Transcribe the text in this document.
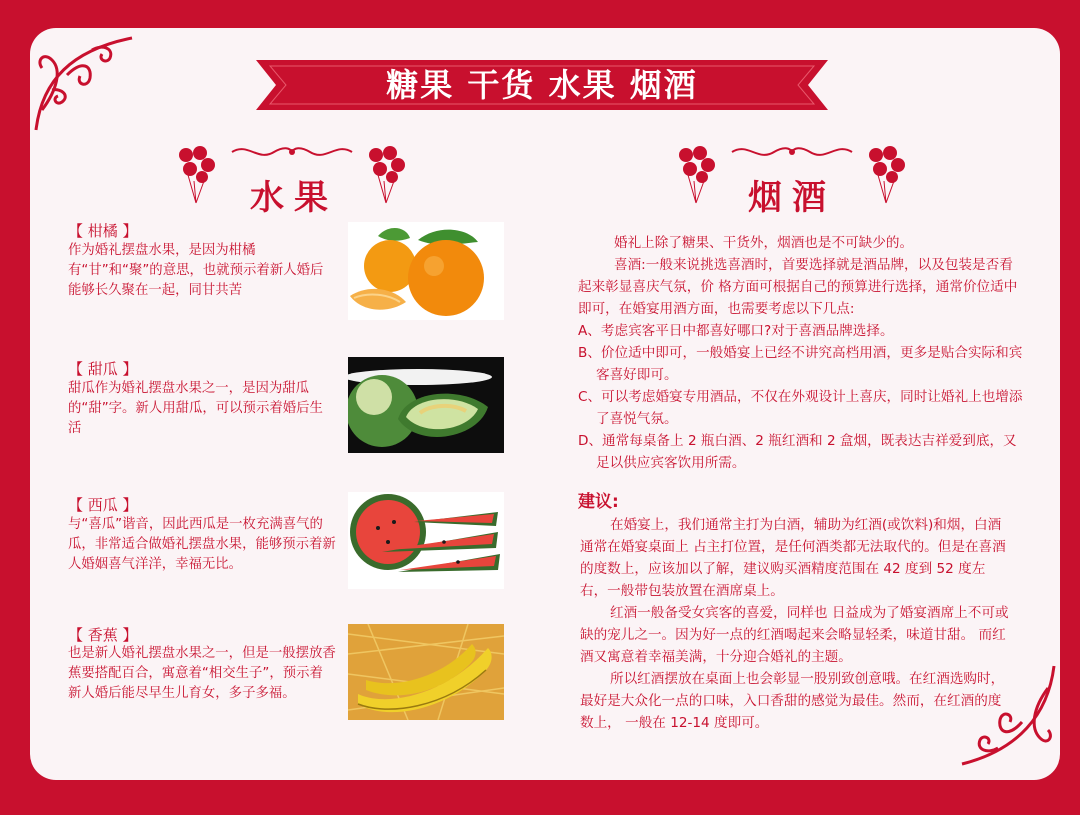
糖果 干货 水果 烟酒
水果	烟酒
【 柑橘 】
作为婚礼摆盘水果，是因为柑橘有“甘”和“聚”的意思，也就预示着新人婚后能够长久聚在一起，同甘共苦
【 甜瓜 】
甜瓜作为婚礼摆盘水果之一，是因为甜瓜的“甜”字。新人用甜瓜，可以预示着婚后生活
【 西瓜 】
与“喜瓜”谐音，因此西瓜是一枚充满喜气的瓜，非常适合做婚礼摆盘水果，能够预示着新人婚姻喜气洋洋，幸福无比。
【 香蕉 】
也是新人婚礼摆盘水果之一，但是一般摆放香蕉要搭配百合，寓意着“相交生子”，预示着新人婚后能尽早生儿育女，多子多福。
婚礼上除了糖果、干货外，烟酒也是不可缺少的。
喜酒:一般来说挑选喜酒时，首要选择就是酒品牌，以及包装是否看起来彰显喜庆气氛，价 格方面可根据自己的预算进行选择，通常价位适中即可，在婚宴用酒方面，也需要考虑以下几点:
A、考虑宾客平日中都喜好哪口?对于喜酒品牌选择。
B、价位适中即可，一般婚宴上已经不讲究高档用酒，更多是贴合实际和宾客喜好即可。
C、可以考虑婚宴专用酒品，不仅在外观设计上喜庆，同时让婚礼上也增添了喜悦气氛。
D、通常每桌备上 2 瓶白酒、2 瓶红酒和 2 盒烟，既表达吉祥爱到底，又足以供应宾客饮用所需。
建议:
在婚宴上，我们通常主打为白酒，辅助为红酒(或饮料)和烟，白酒通常在婚宴桌面上 占主打位置，是任何酒类都无法取代的。但是在喜酒的度数上，应该加以了解，建议购买酒精度范围在 42 度到 52 度左右，一般带包装放置在酒席桌上。
红酒一般备受女宾客的喜爱，同样也 日益成为了婚宴酒席上不可或缺的宠儿之一。因为好一点的红酒喝起来会略显轻柔，味道甘甜。 而红酒又寓意着幸福美满，十分迎合婚礼的主题。
所以红酒摆放在桌面上也会彰显一股别致创意哦。在红酒选购时，最好是大众化一点的口味，入口香甜的感觉为最佳。然而，在红酒的度数上， 一般在 12-14 度即可。
